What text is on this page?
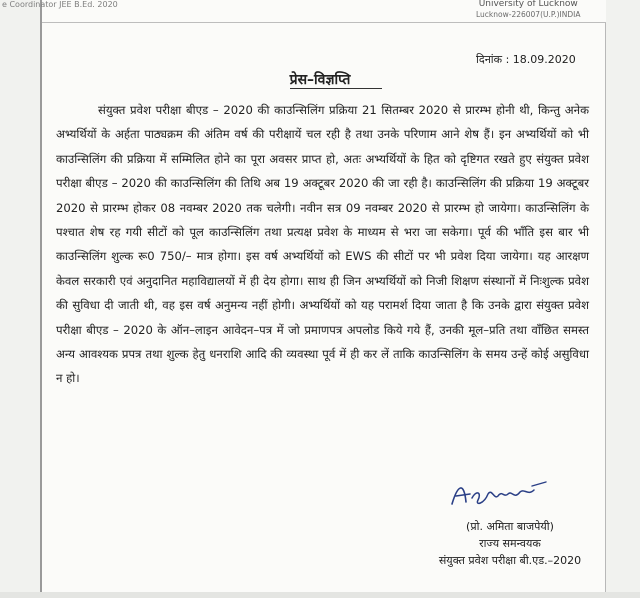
e Coordinator JEE B.Ed. 2020	University of Lucknow
Lucknow-226007(U.P.)INDIA
दिनांक : 18.09.2020
प्रेस–विज्ञप्ति

संयुक्त प्रवेश परीक्षा बीएड – 2020 की काउन्सिलिंग प्रक्रिया 21 सितम्बर 2020 से प्रारम्भ होनी थी, किन्तु अनेक अभ्यर्थियों के अर्हता पाठ्यक्रम की अंतिम वर्ष की परीक्षायें चल रही है तथा उनके परिणाम आने शेष हैं। इन अभ्यर्थियों को भी काउन्सिलिंग की प्रक्रिया में सम्मिलित होने का पूरा अवसर प्राप्त हो, अतः अभ्यर्थियों के हित को दृष्टिगत रखते हुए संयुक्त प्रवेश परीक्षा बीएड – 2020 की काउन्सिलिंग की तिथि अब 19 अक्टूबर 2020 की जा रही है। काउन्सिलिंग की प्रक्रिया 19 अक्टूबर 2020 से प्रारम्भ होकर 08 नवम्बर 2020 तक चलेगी। नवीन सत्र 09 नवम्बर 2020 से प्रारम्भ हो जायेगा। काउन्सिलिंग के पश्चात शेष रह गयी सीटों को पूल काउन्सिलिंग तथा प्रत्यक्ष प्रवेश के माध्यम से भरा जा सकेगा। पूर्व की भाँति इस बार भी काउन्सिलिंग शुल्क रू0 750/– मात्र होगा। इस वर्ष अभ्यर्थियों को EWS की सीटों पर भी प्रवेश दिया जायेगा। यह आरक्षण केवल सरकारी एवं अनुदानित महाविद्यालयों में ही देय होगा। साथ ही जिन अभ्यर्थियों को निजी शिक्षण संस्थानों में निःशुल्क प्रवेश की सुविधा दी जाती थी, वह इस वर्ष अनुमन्य नहीं होगी। अभ्यर्थियों को यह परामर्श दिया जाता है कि उनके द्वारा संयुक्त प्रवेश परीक्षा बीएड – 2020 के ऑन–लाइन आवेदन–पत्र में जो प्रमाणपत्र अपलोड किये गये हैं, उनकी मूल–प्रति तथा वाँछित समस्त अन्य आवश्यक प्रपत्र तथा शुल्क हेतु धनराशि आदि की व्यवस्था पूर्व में ही कर लें ताकि काउन्सिलिंग के समय उन्हें कोई असुविधा न हो।

(प्रो. अमिता बाजपेयी)
राज्य समन्वयक
संयुक्त प्रवेश परीक्षा बी.एड.–2020
